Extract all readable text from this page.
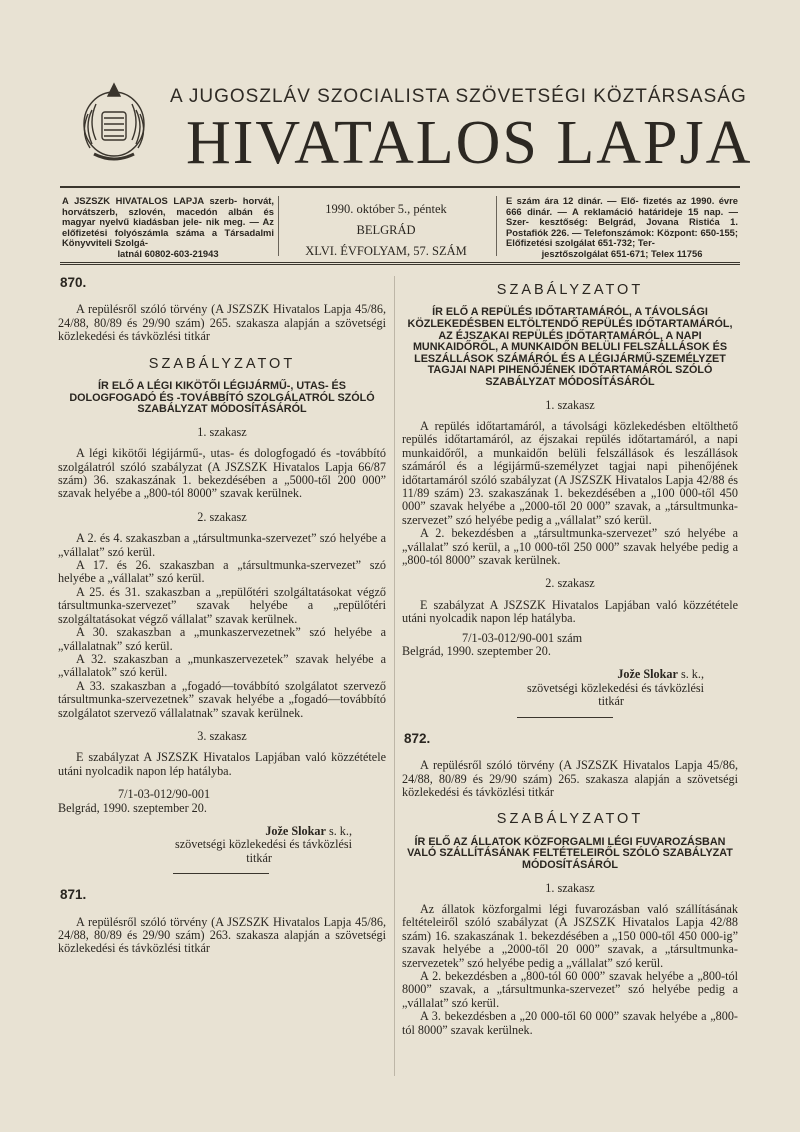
A JUGOSZLÁV SZOCIALISTA SZÖVETSÉGI KÖZTÁRSASÁG
HIVATALOS LAPJA
A JSZSZK HIVATALOS LAPJA szerb- horvát, horvátszerb, szlovén, macedón albán és magyar nyelvű kiadásban jele- nik meg. — Az előfizetési folyószámla száma a Társadalmi Könyvviteli Szolgá-
latnál 60802-603-21943
1990. október 5., péntek
BELGRÁD
XLVI. ÉVFOLYAM, 57. SZÁM
E szám ára 12 dinár. — Elő- fizetés az 1990. évre 666 dinár. — A reklamáció határideje 15 nap. — Szer- kesztőség: Belgrád, Jovana Ristića 1. Postafiók 226. — Telefonszámok: Központ: 650-155; Előfizetési szolgálat 651-732; Ter-
jesztőszolgálat 651-671; Telex 11756
870.

A repülésről szóló törvény (A JSZSZK Hivatalos Lapja 45/86, 24/88, 80/89 és 29/90 szám) 265. szakasza alapján a szövetségi közlekedési és távközlési titkár

SZABÁLYZATOT
ÍR ELŐ A LÉGI KIKÖTŐI LÉGIJÁRMŰ-, UTAS- ÉS DOLOGFOGADÓ ÉS -TOVÁBBÍTÓ SZOLGÁLATRÓL SZÓLÓ SZABÁLYZAT MÓDOSÍTÁSÁRÓL
1. szakasz

A légi kikötői légijármű-, utas- és dologfogadó és -továbbító szolgálatról szóló szabályzat (A JSZSZK Hivatalos Lapja 66/87 szám) 36. szakaszának 1. bekezdésében a „5000-től 200 000” szavak helyébe a „800-tól 8000” szavak kerülnek.

2. szakasz

A 2. és 4. szakaszban a „társultmunka-szervezet” szó helyébe a „vállalat” szó kerül.

A 17. és 26. szakaszban a „társultmunka-szervezet” szó helyébe a „vállalat” szó kerül.

A 25. és 31. szakaszban a „repülőtéri szolgáltatásokat végző társultmunka-szervezet” szavak helyébe a „repülőtéri szolgáltatásokat végző vállalat” szavak kerülnek.

A 30. szakaszban a „munkaszervezetnek” szó helyébe a „vállalatnak” szó kerül.

A 32. szakaszban a „munkaszervezetek” szavak helyébe a „vállalatok” szó kerül.

A 33. szakaszban a „fogadó—továbbító szolgálatot szervező társultmunka-szervezetnek” szavak helyébe a „fogadó—továbbító szolgálatot szervező vállalatnak” szavak kerülnek.

3. szakasz

E szabályzat A JSZSZK Hivatalos Lapjában való közzététele utáni nyolcadik napon lép hatályba.

7/1-03-012/90-001

Belgrád, 1990. szeptember 20.

Jože Slokar s. k.,
szövetségi közlekedési és távközlési
titkár
871.

A repülésről szóló törvény (A JSZSZK Hivatalos Lapja 45/86, 24/88, 80/89 és 29/90 szám) 263. szakasza alapján a szövetségi közlekedési és távközlési titkár

SZABÁLYZATOT
ÍR ELŐ A REPÜLÉS IDŐTARTAMÁRÓL, A TÁVOLSÁGI KÖZLEKEDÉSBEN ELTÖLTENDŐ REPÜLÉS IDŐTARTAMÁRÓL, AZ ÉJSZAKAI REPÜLÉS IDŐTARTAMÁRÓL, A NAPI MUNKAIDŐRŐL, A MUNKAIDŐN BELÜLI FELSZÁLLÁSOK ÉS LESZÁLLÁSOK SZÁMÁRÓL ÉS A LÉGIJÁRMŰ-SZEMÉLYZET TAGJAI NAPI PIHENŐJÉNEK IDŐTARTAMÁRÓL SZÓLÓ SZABÁLYZAT MÓDOSÍTÁSÁRÓL
1. szakasz

A repülés időtartamáról, a távolsági közlekedésben eltölthető repülés időtartamáról, az éjszakai repülés időtartamáról, a napi munkaidőről, a munkaidőn belüli felszállások és leszállások számáról és a légijármű-személyzet tagjai napi pihenőjének időtartamáról szóló szabályzat (A JSZSZK Hivatalos Lapja 42/88 és 11/89 szám) 23. szakaszának 1. bekezdésében a „100 000-től 450 000” szavak helyébe a „2000-től 20 000” szavak, a „társultmunka-szervezet” szó helyébe pedig a „vállalat” szó kerül.

A 2. bekezdésben a „társultmunka-szervezet” szó helyébe a „vállalat” szó kerül, a „10 000-től 250 000” szavak helyébe pedig a „800-tól 8000” szavak kerülnek.

2. szakasz

E szabályzat A JSZSZK Hivatalos Lapjában való közzététele utáni nyolcadik napon lép hatályba.

7/1-03-012/90-001 szám

Belgrád, 1990. szeptember 20.

Jože Slokar s. k.,
szövetségi közlekedési és távközlési
titkár
872.

A repülésről szóló törvény (A JSZSZK Hivatalos Lapja 45/86, 24/88, 80/89 és 29/90 szám) 265. szakasza alapján a szövetségi közlekedési és távközlési titkár

SZABÁLYZATOT
ÍR ELŐ AZ ÁLLATOK KÖZFORGALMI LÉGI FUVAROZÁSBAN VALÓ SZÁLLÍTÁSÁNAK FELTÉTELEIRŐL SZÓLÓ SZABÁLYZAT MÓDOSÍTÁSÁRÓL
1. szakasz

Az állatok közforgalmi légi fuvarozásban való szállításának feltételeiről szóló szabályzat (A JSZSZK Hivatalos Lapja 42/88 szám) 16. szakaszának 1. bekezdésében a „150 000-től 450 000-ig” szavak helyébe a „2000-től 20 000” szavak, a „társultmunka-szervezetek” szó helyébe pedig a „vállalat” szó kerül.

A 2. bekezdésben a „800-tól 60 000” szavak helyébe a „800-tól 8000” szavak, a „társultmunka-szervezet” szó helyébe pedig a „vállalat” szó kerül.

A 3. bekezdésben a „20 000-től 60 000” szavak helyébe a „800-tól 8000” szavak kerülnek.
